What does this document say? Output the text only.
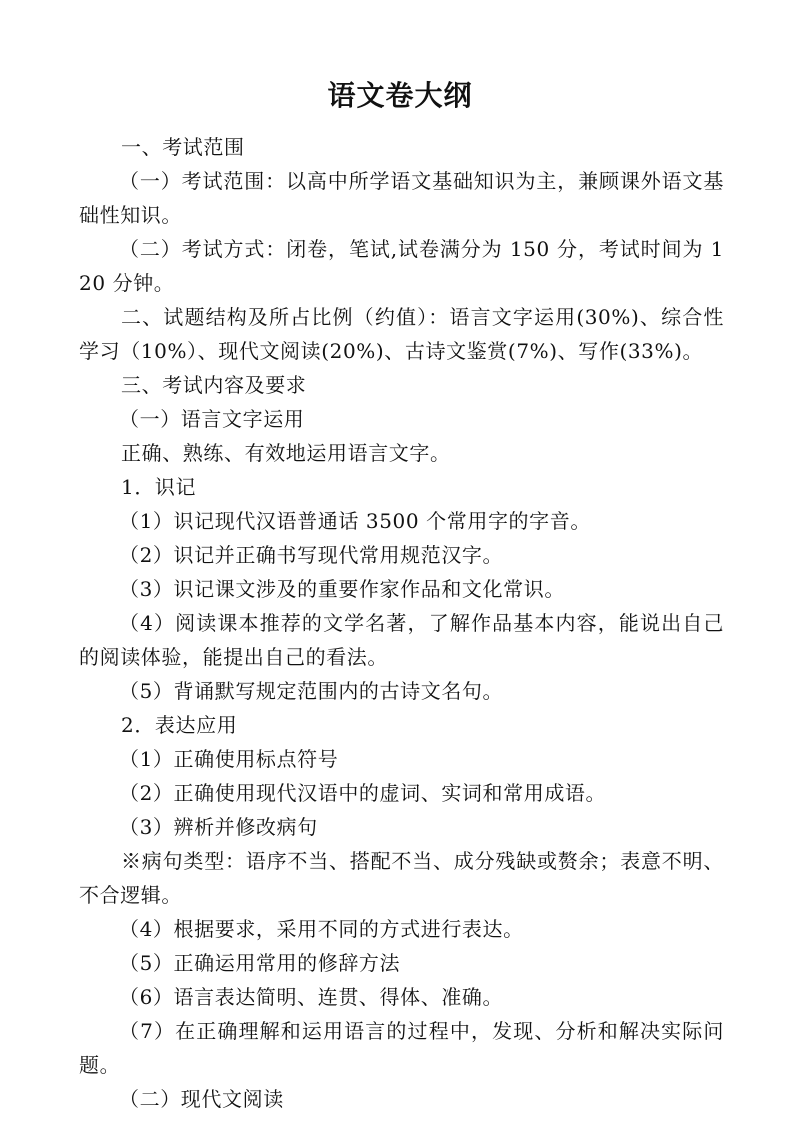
语文卷大纲

一、考试范围

（一）考试范围：以高中所学语文基础知识为主，兼顾课外语文基础性知识。

（二）考试方式：闭卷，笔试,试卷满分为 150 分，考试时间为 120 分钟。

二、试题结构及所占比例（约值）：语言文字运用(30%)、综合性学习（10%）、现代文阅读(20%)、古诗文鉴赏(7%)、写作(33%)。

三、考试内容及要求

（一）语言文字运用

正确、熟练、有效地运用语言文字。

1．识记

（1）识记现代汉语普通话 3500 个常用字的字音。

（2）识记并正确书写现代常用规范汉字。

（3）识记课文涉及的重要作家作品和文化常识。

（4）阅读课本推荐的文学名著，了解作品基本内容，能说出自己的阅读体验，能提出自己的看法。

（5）背诵默写规定范围内的古诗文名句。

2．表达应用

（1）正确使用标点符号

（2）正确使用现代汉语中的虚词、实词和常用成语。

（3）辨析并修改病句

※病句类型：语序不当、搭配不当、成分残缺或赘余；表意不明、不合逻辑。

（4）根据要求，采用不同的方式进行表达。

（5）正确运用常用的修辞方法

（6）语言表达简明、连贯、得体、准确。

（7）在正确理解和运用语言的过程中，发现、分析和解决实际问题。

（二）现代文阅读
